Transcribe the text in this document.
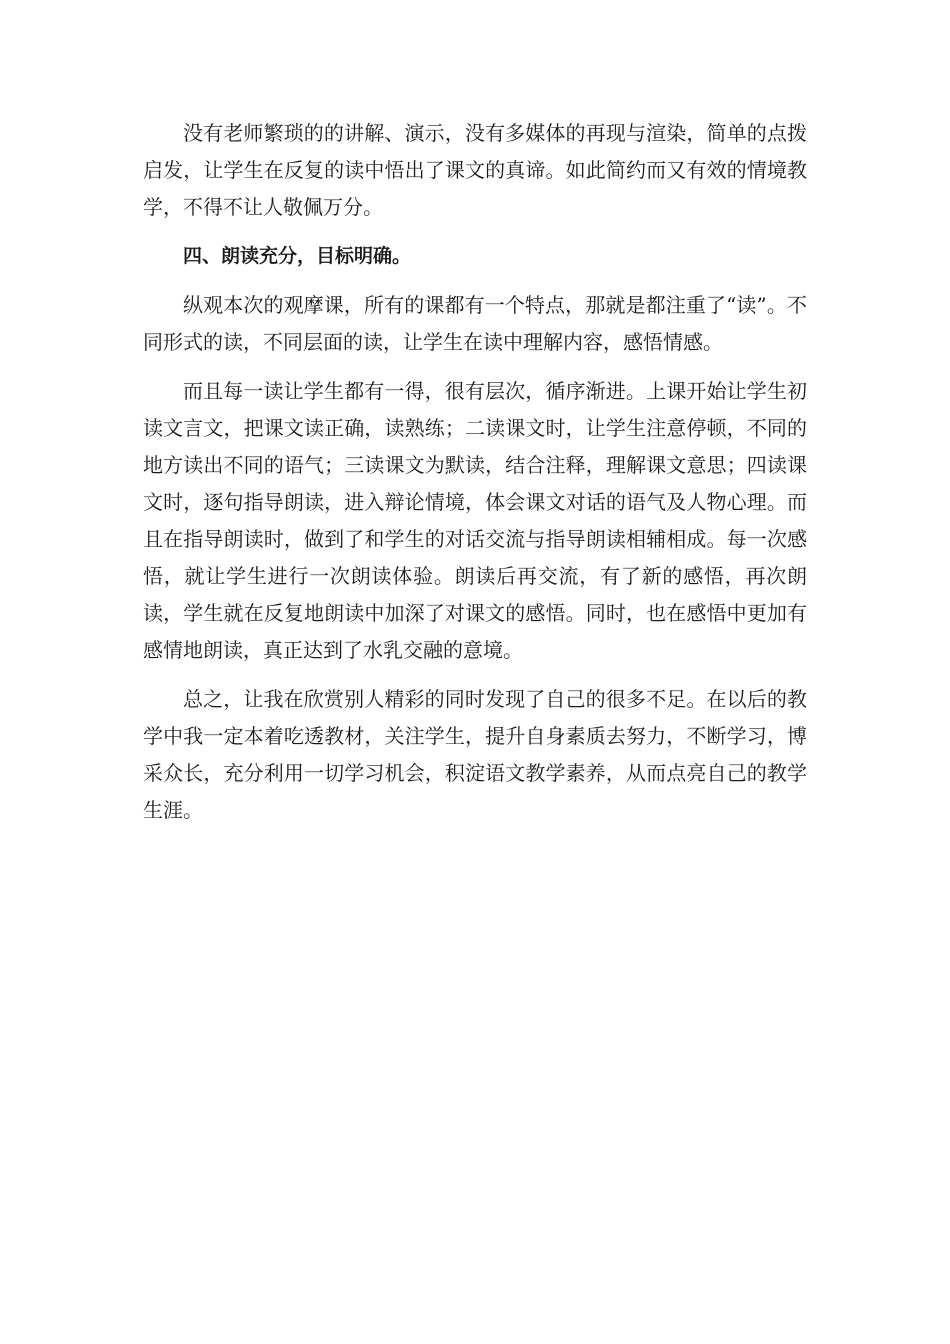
没有老师繁琐的的讲解、演示，没有多媒体的再现与渲染，简单的点拨启发，让学生在反复的读中悟出了课文的真谛。如此简约而又有效的情境教学，不得不让人敬佩万分。

四、朗读充分，目标明确。

纵观本次的观摩课，所有的课都有一个特点，那就是都注重了“读”。不同形式的读，不同层面的读，让学生在读中理解内容，感悟情感。

而且每一读让学生都有一得，很有层次，循序渐进。上课开始让学生初读文言文，把课文读正确，读熟练；二读课文时，让学生注意停顿，不同的地方读出不同的语气；三读课文为默读，结合注释，理解课文意思；四读课文时，逐句指导朗读，进入辩论情境，体会课文对话的语气及人物心理。而且在指导朗读时，做到了和学生的对话交流与指导朗读相辅相成。每一次感悟，就让学生进行一次朗读体验。朗读后再交流，有了新的感悟，再次朗读，学生就在反复地朗读中加深了对课文的感悟。同时，也在感悟中更加有感情地朗读，真正达到了水乳交融的意境。

总之，让我在欣赏别人精彩的同时发现了自己的很多不足。在以后的教学中我一定本着吃透教材，关注学生，提升自身素质去努力，不断学习，博采众长，充分利用一切学习机会，积淀语文教学素养，从而点亮自己的教学生涯。
